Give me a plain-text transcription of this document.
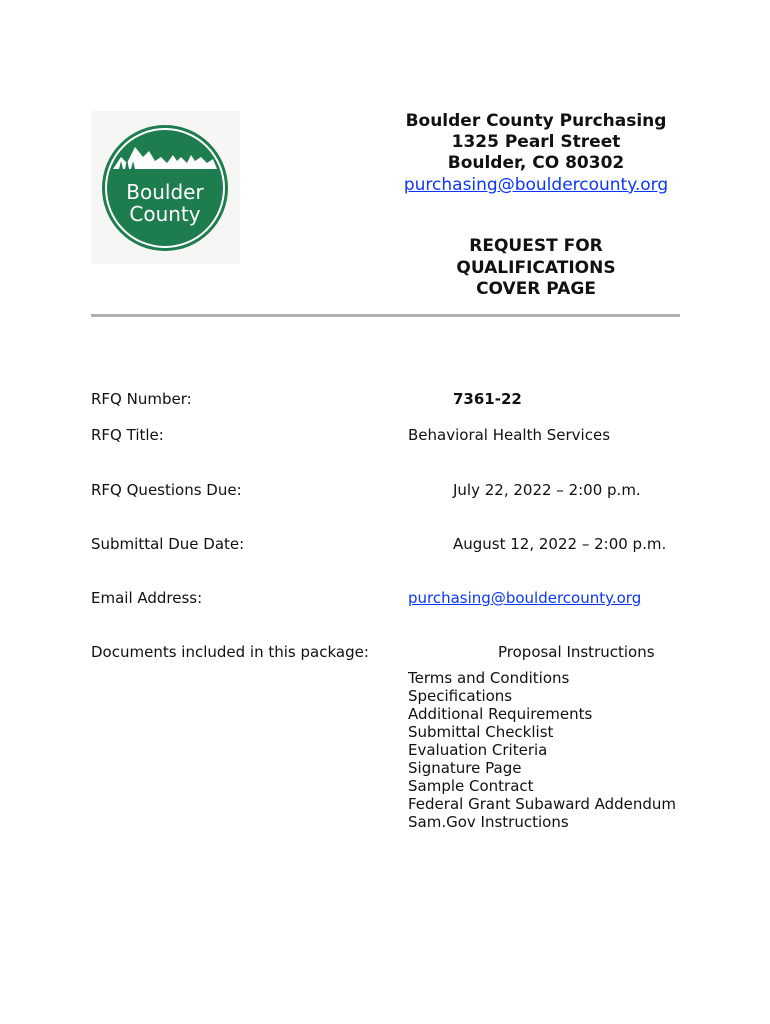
Boulder
County
Boulder County Purchasing
1325 Pearl Street
Boulder, CO 80302
purchasing@bouldercounty.org
REQUEST FOR
QUALIFICATIONS
COVER PAGE
RFQ Number:	7361-22
RFQ Title:	Behavioral Health Services
RFQ Questions Due:	July 22, 2022 – 2:00 p.m.
Submittal Due Date:	August 12, 2022 – 2:00 p.m.
Email Address:	purchasing@bouldercounty.org
Documents included in this package:	Proposal Instructions
Terms and Conditions
Specifications
Additional Requirements
Submittal Checklist
Evaluation Criteria
Signature Page
Sample Contract
Federal Grant Subaward Addendum
Sam.Gov Instructions
